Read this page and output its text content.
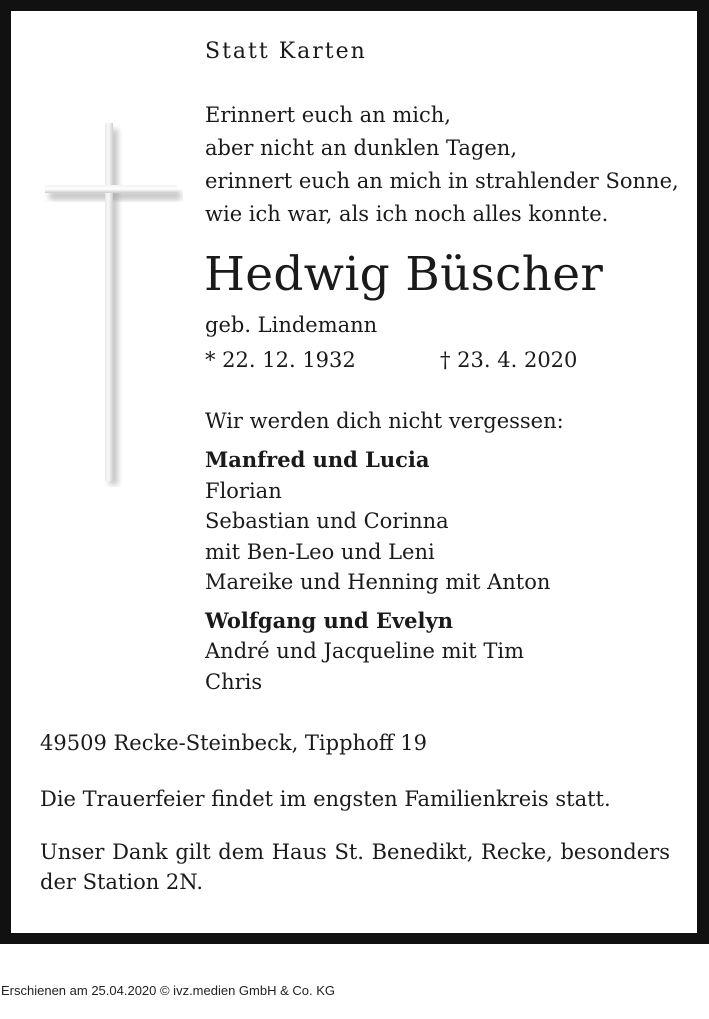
Statt Karten

Erinnert euch an mich,
aber nicht an dunklen Tagen,
erinnert euch an mich in strahlender Sonne,
wie ich war, als ich noch alles konnte.

Hedwig Büscher

geb. Lindemann

* 22. 12. 1932	† 23. 4. 2020

Wir werden dich nicht vergessen:

Manfred und Lucia
Florian
Sebastian und Corinna
mit Ben-Leo und Leni
Mareike und Henning mit Anton
Wolfgang und Evelyn
André und Jacqueline mit Tim
Chris

49509 Recke-Steinbeck, Tipphoff 19

Die Trauerfeier findet im engsten Familienkreis statt.

Unser Dank gilt dem Haus St. Benedikt, Recke, besonders
der Station 2N.

Erschienen am 25.04.2020 © ivz.medien GmbH & Co. KG
